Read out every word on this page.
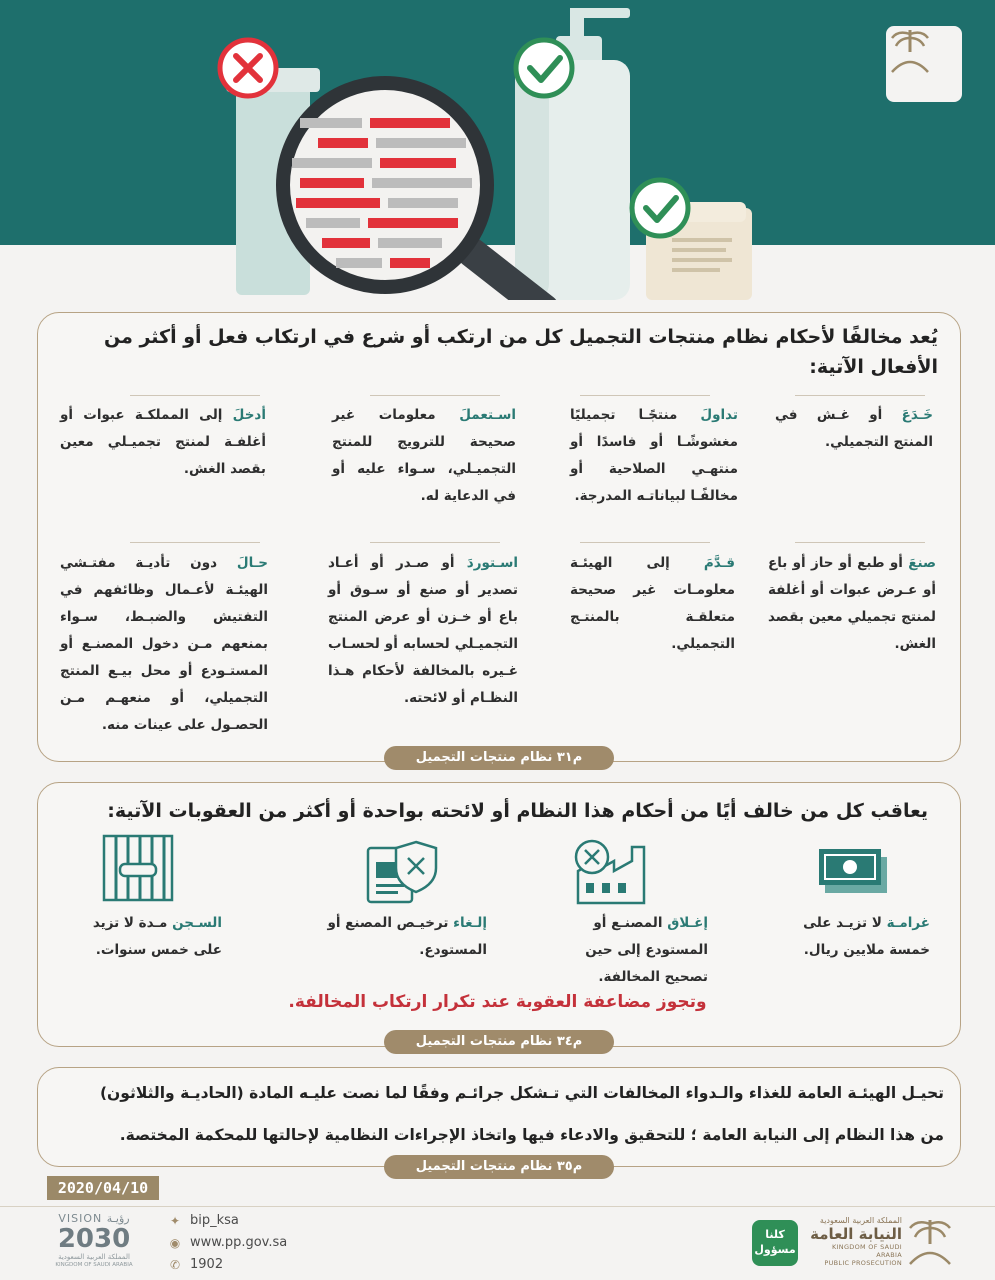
يُعد مخالفًا لأحكام نظام منتجات التجميل كل من ارتكب أو شرع في ارتكاب فعل أو أكثر من
الأفعال الآتية:
خَـدَعَ أو غـش في المنتج التجميلي.
تداولَ منتجًـا تجميليًا مغشوشًـا أو فاسدًا أو منتهـي الصلاحية أو مخالفًـا لبياناتـه المدرجة.
اسـتعملَ معلومات غير صحيحة للترويج للمنتج التجميـلي، سـواء عليه أو في الدعاية له.
أدخلَ إلى المملكـة عبوات أو أغلفـة لمنتج تجميـلي معين بقصد الغش.
صنعَ أو طبع أو حاز أو باع أو عـرض عبوات أو أغلفة لمنتج تجميلي معين بقصد الغش.
قـدَّمَ إلى الهيئـة معلومـات غير صحيحة متعلقـة بالمنتـج التجميلي.
اسـتوردَ أو صـدر أو أعـاد تصدير أو صنع أو سـوق أو باع أو خـزن أو عرض المنتج التجميـلي لحسابه أو لحسـاب غـيره بالمخالفة لأحكام هـذا النظـام أو لائحته.
حـالَ دون تأديـة مفتـشي الهيئـة لأعـمال وظائفهم في التفتيش والضبـط، سـواء بمنعهم مـن دخول المصنـع أو المستـودع أو محل بيـع المنتج التجميلي، أو منعهـم مـن الحصـول على عينات منه.
م٣١ نظام منتجات التجميل
يعاقب كل من خالف أيًا من أحكام هذا النظام أو لائحته بواحدة أو أكثر من العقوبات الآتية:
غرامـة لا تزيـد على خمسة ملايين ريال.
إغـلاق المصنـع أو المستودع إلى حين تصحيح المخالفة.
إلـغاء ترخيـص المصنع أو المستودع.
السـجن مـدة لا تزيد على خمس سنوات.
وتجوز مضاعفة العقوبة عند تكرار ارتكاب المخالفة.
م٣٤ نظام منتجات التجميل
تحيـل الهيئـة العامة للغذاء والـدواء المخالفات التي تـشكل جرائـم وفقًا لما نصت عليـه المادة (الحاديـة والثلاثون)
من هذا النظام إلى النيابة العامة ؛ للتحقيق والادعاء فيها واتخاذ الإجراءات النظامية لإحالتها للمحكمة المختصة.
م٣٥ نظام منتجات التجميل
2020/04/10
VISION رؤيـة
2030
المملكة العربية السعودية
KINGDOM OF SAUDI ARABIA
✦ bip_ksa
◉ www.pp.gov.sa
✆ 1902
كلنا
مسؤول
المملكة العربية السعودية
النيابة العامة
KINGDOM OF SAUDI ARABIA
PUBLIC PROSECUTION
